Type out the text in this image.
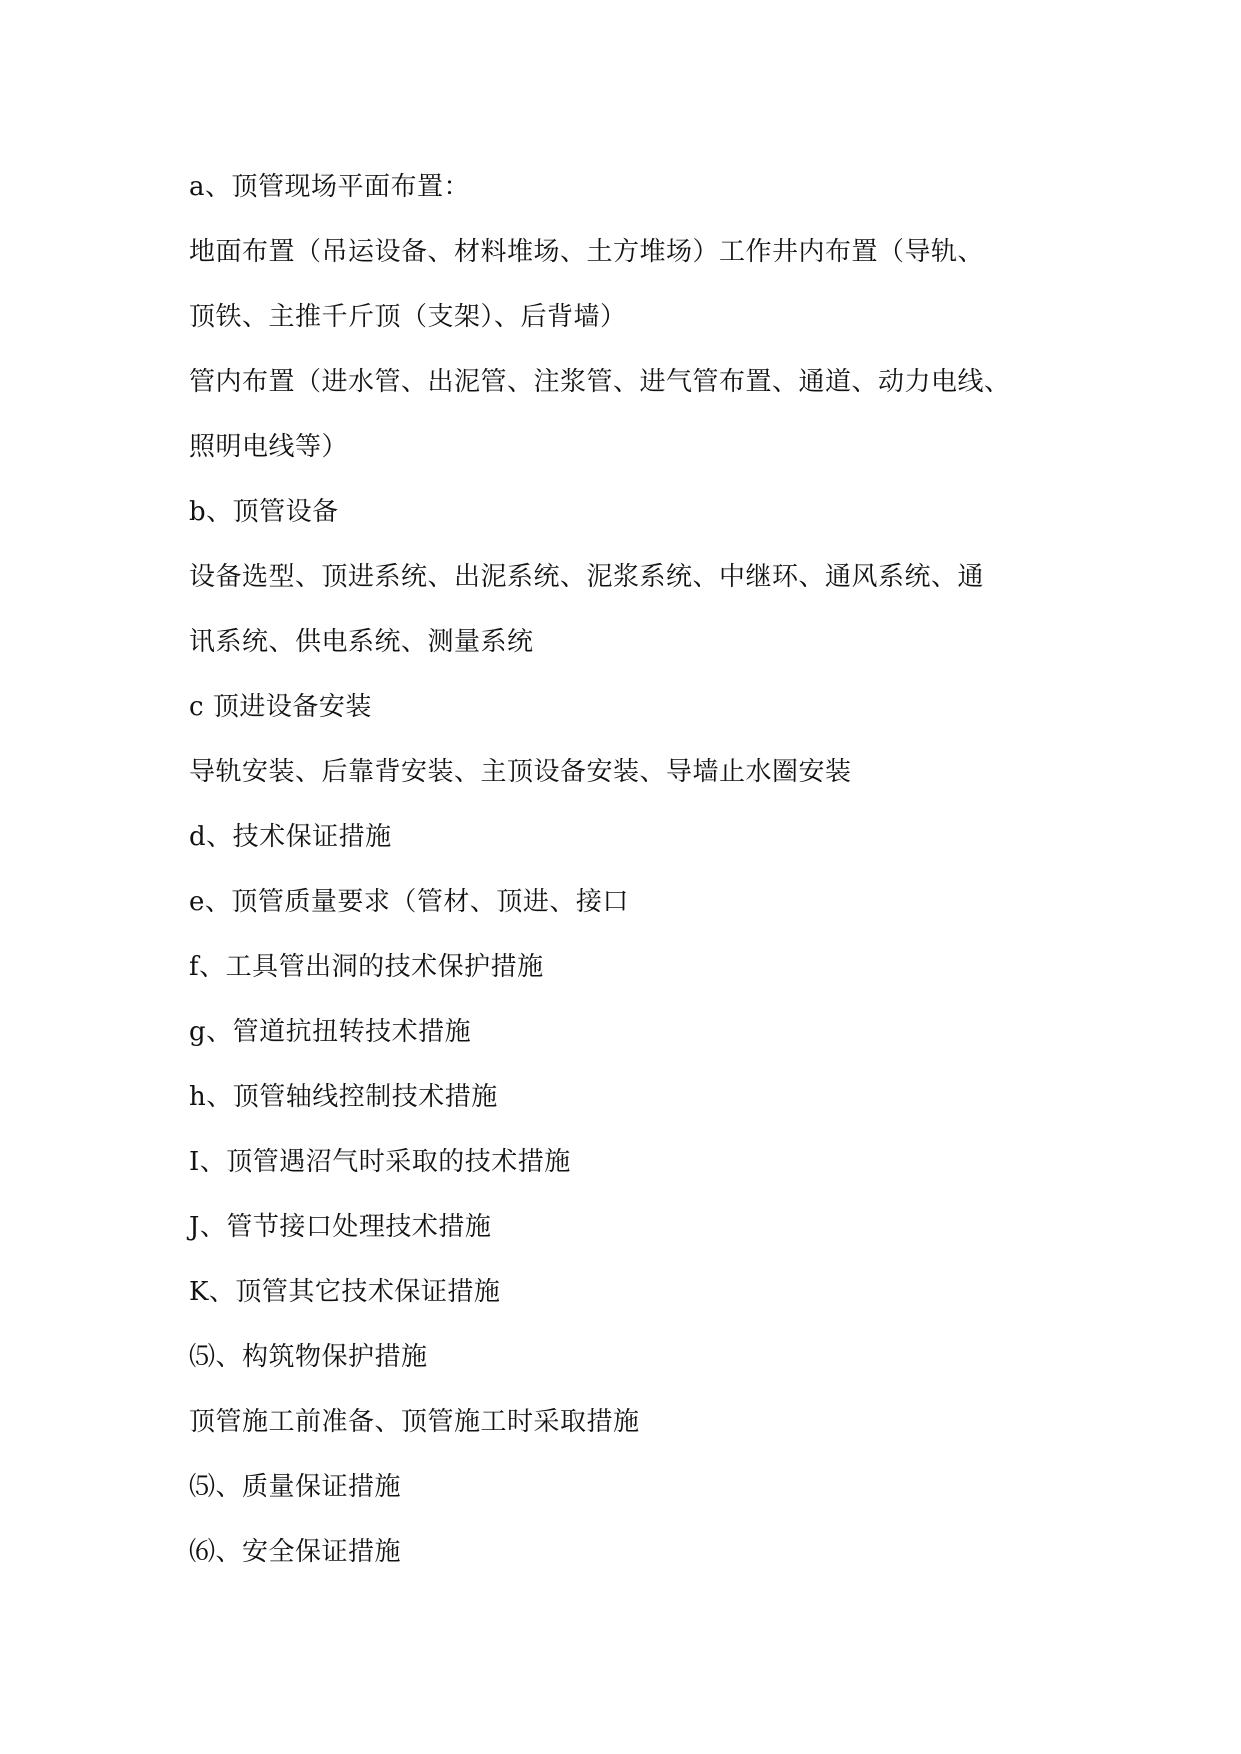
a、顶管现场平面布置：
地面布置（吊运设备、材料堆场、土方堆场）工作井内布置（导轨、
顶铁、主推千斤顶（支架）、后背墙）
管内布置（进水管、出泥管、注浆管、进气管布置、通道、动力电线、
照明电线等）
b、顶管设备
设备选型、顶进系统、出泥系统、泥浆系统、中继环、通风系统、通
讯系统、供电系统、测量系统
c 顶进设备安装
导轨安装、后靠背安装、主顶设备安装、导墙止水圈安装
d、技术保证措施
e、顶管质量要求（管材、顶进、接口
f、工具管出洞的技术保护措施
g、管道抗扭转技术措施
h、顶管轴线控制技术措施
I、顶管遇沼气时采取的技术措施
J、管节接口处理技术措施
K、顶管其它技术保证措施
⑸、构筑物保护措施
顶管施工前准备、顶管施工时采取措施
⑸、质量保证措施
⑹、安全保证措施
